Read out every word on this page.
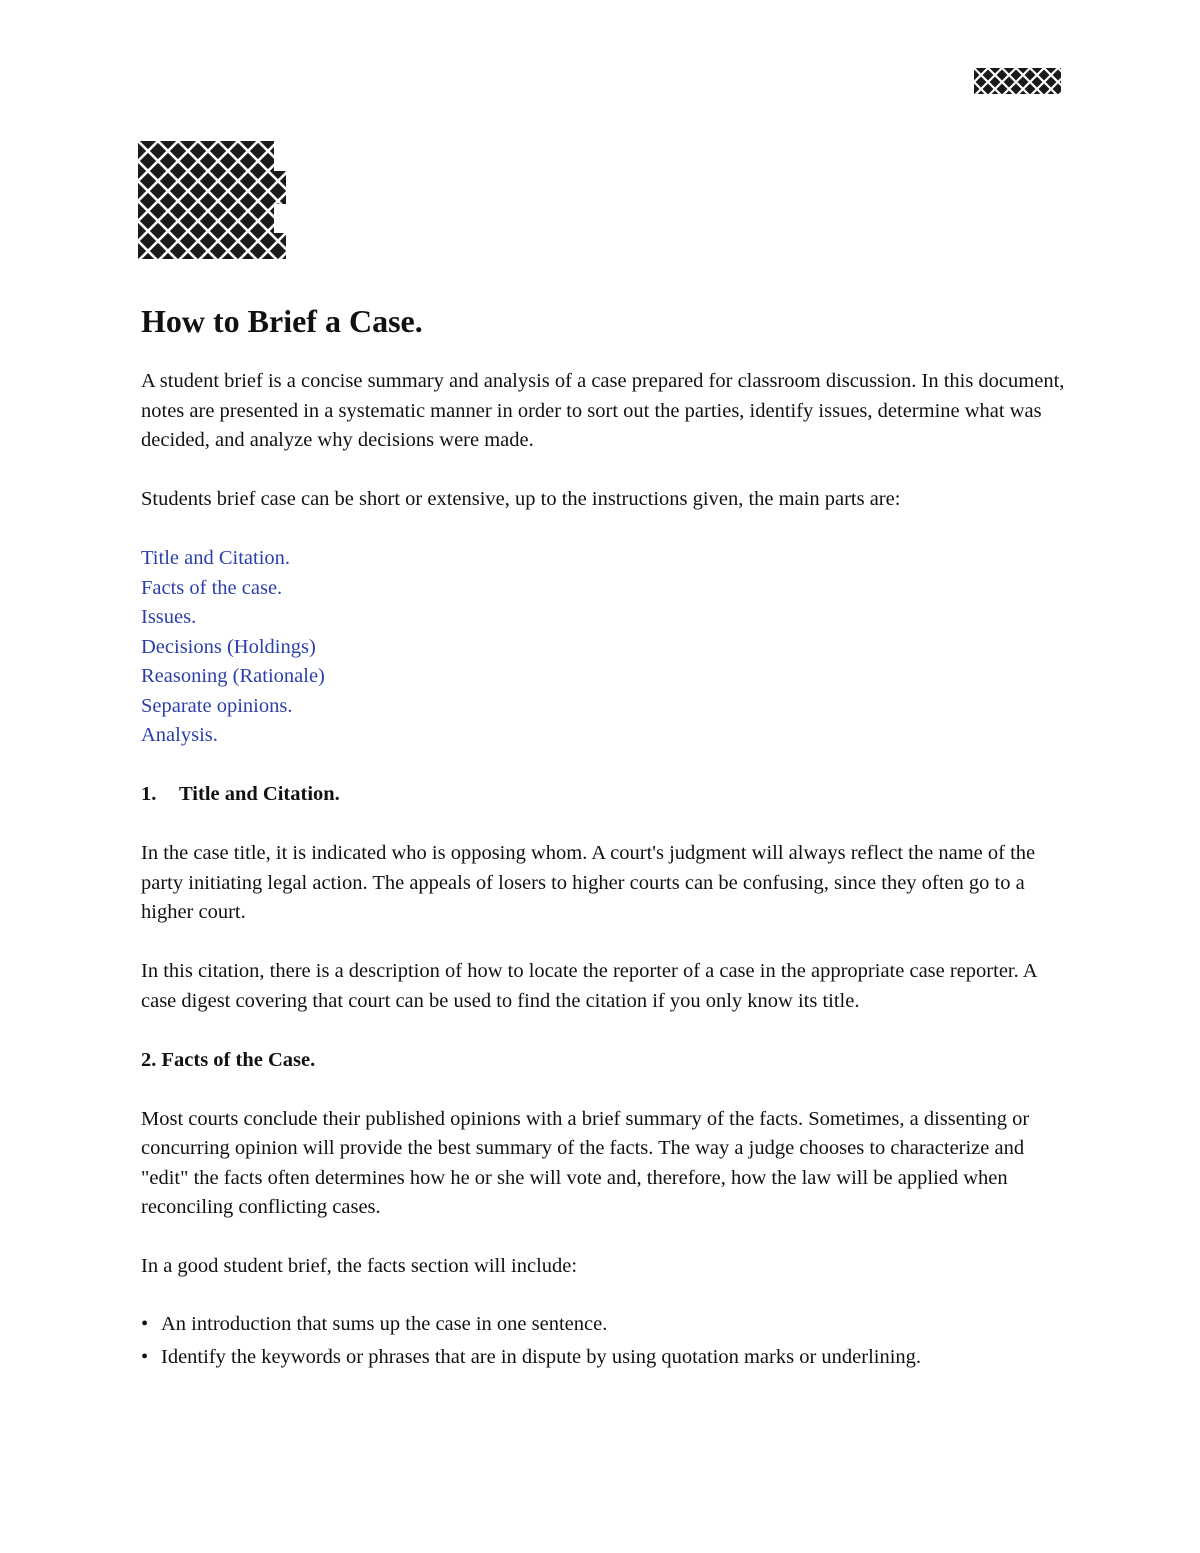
How to Brief a Case.

A student brief is a concise summary and analysis of a case prepared for classroom discussion. In this document, notes are presented in a systematic manner in order to sort out the parties, identify issues, determine what was decided, and analyze why decisions were made.

Students brief case can be short or extensive, up to the instructions given, the main parts are:

Title and Citation.
Facts of the case.
Issues.
Decisions (Holdings)
Reasoning (Rationale)
Separate opinions.
Analysis.

1. Title and Citation.

In the case title, it is indicated who is opposing whom. A court's judgment will always reflect the name of the party initiating legal action. The appeals of losers to higher courts can be confusing, since they often go to a higher court.

In this citation, there is a description of how to locate the reporter of a case in the appropriate case reporter. A case digest covering that court can be used to find the citation if you only know its title.

2. Facts of the Case.

Most courts conclude their published opinions with a brief summary of the facts. Sometimes, a dissenting or concurring opinion will provide the best summary of the facts. The way a judge chooses to characterize and "edit" the facts often determines how he or she will vote and, therefore, how the law will be applied when reconciling conflicting cases.

In a good student brief, the facts section will include:

• An introduction that sums up the case in one sentence.
• Identify the keywords or phrases that are in dispute by using quotation marks or underlining.
